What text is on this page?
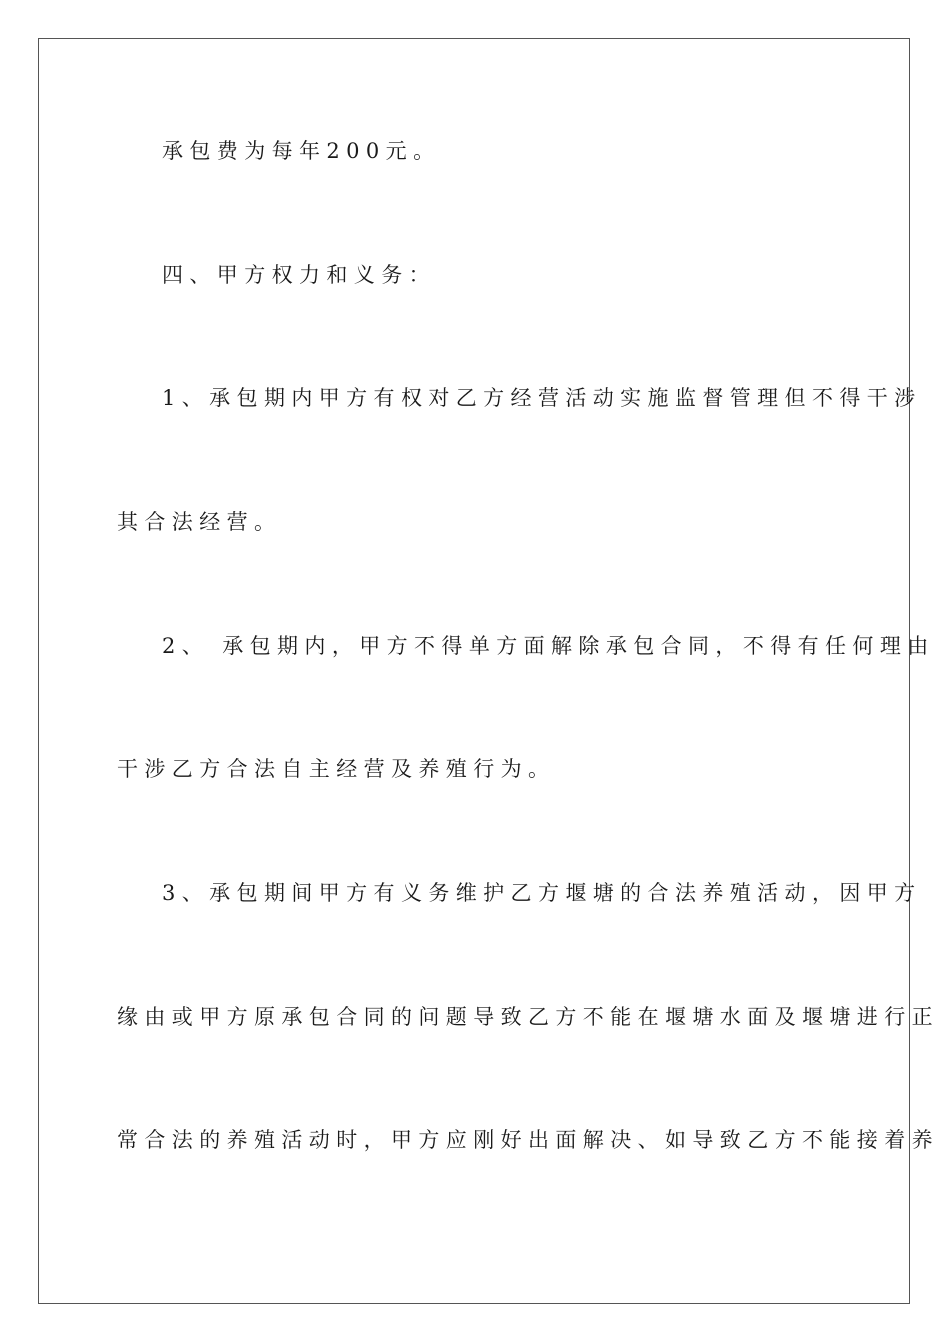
承包费为每年200元。
四、甲方权力和义务：
1、承包期内甲方有权对乙方经营活动实施监督管理但不得干涉
其合法经营。
2、 承包期内，甲方不得单方面解除承包合同，不得有任何理由
干涉乙方合法自主经营及养殖行为。
3、承包期间甲方有义务维护乙方堰塘的合法养殖活动，因甲方
缘由或甲方原承包合同的问题导致乙方不能在堰塘水面及堰塘进行正
常合法的养殖活动时，甲方应刚好出面解决、如导致乙方不能接着养
